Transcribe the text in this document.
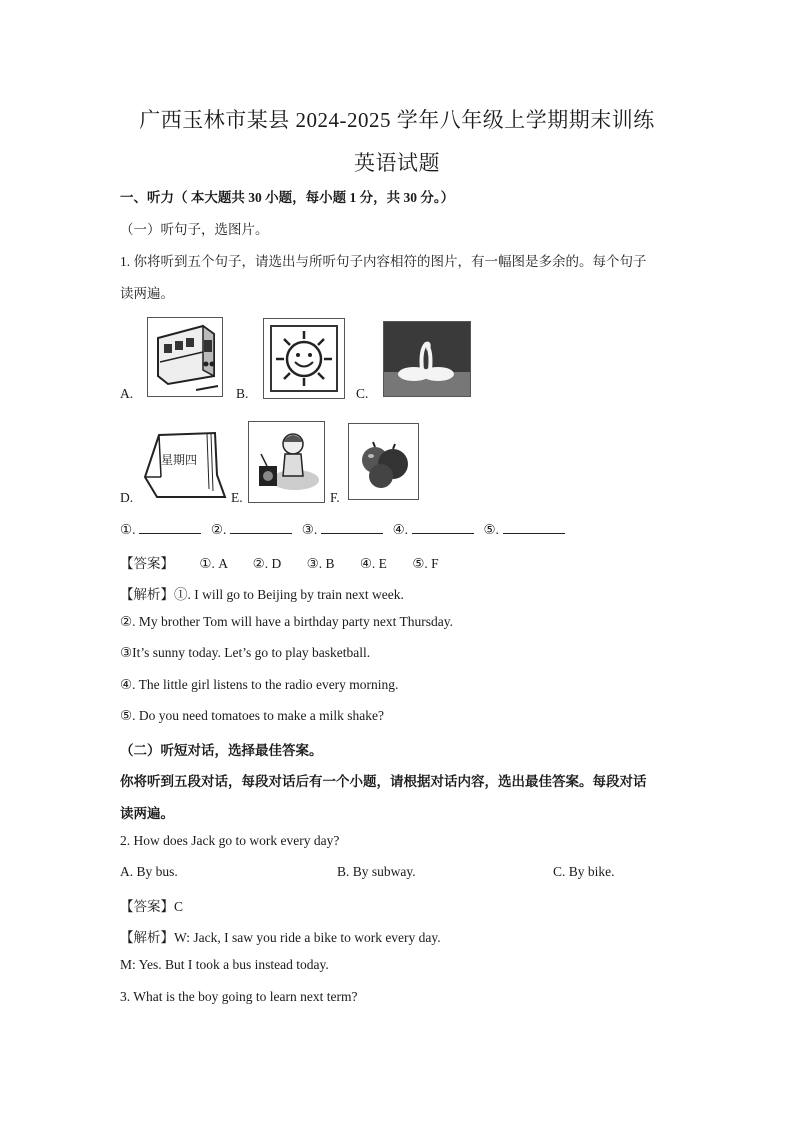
广西玉林市某县 2024-2025 学年八年级上学期期末训练
英语试题
一、听力（ 本大题共 30 小题，每小题 1 分，共 30 分。）
（一）听句子，选图片。
1. 你将听到五个句子，请选出与所听句子内容相符的图片，有一幅图是多余的。每个句子
读两遍。
A.	B.	C.
D.
星期四
E.	F.
①.	②.	③.	④.	⑤.
【答案】 ①. A ②. D ③. B ④. E ⑤. F
【解析】①. I will go to Beijing by train next week.
②. My brother Tom will have a birthday party next Thursday.
③It’s sunny today. Let’s go to play basketball.
④. The little girl listens to the radio every morning.
⑤. Do you need tomatoes to make a milk shake?
（二）听短对话，选择最佳答案。
你将听到五段对话，每段对话后有一个小题，请根据对话内容，选出最佳答案。每段对话
读两遍。
2. How does Jack go to work every day?
A. By bus.	B. By subway.	C. By bike.
【答案】C
【解析】W: Jack, I saw you ride a bike to work every day.
M: Yes. But I took a bus instead today.
3. What is the boy going to learn next term?
